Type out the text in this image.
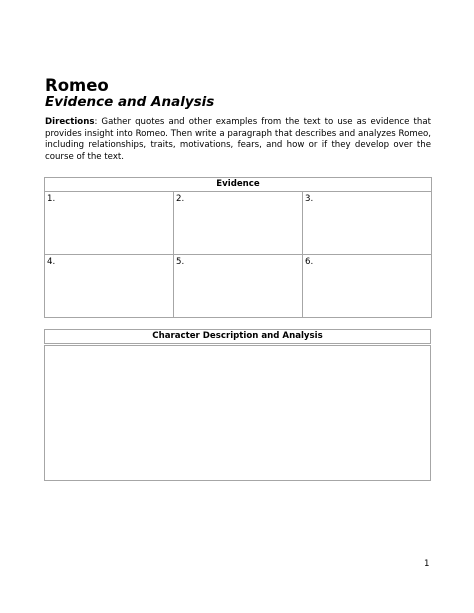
Romeo
Evidence and Analysis

Directions: Gather quotes and other examples from the text to use as evidence that provides insight into Romeo. Then write a paragraph that describes and analyzes Romeo, including relationships, traits, motivations, fears, and how or if they develop over the course of the text.

Evidence		
1.	2.	3.
4.	5.	6.
Character Description and Analysis

1
